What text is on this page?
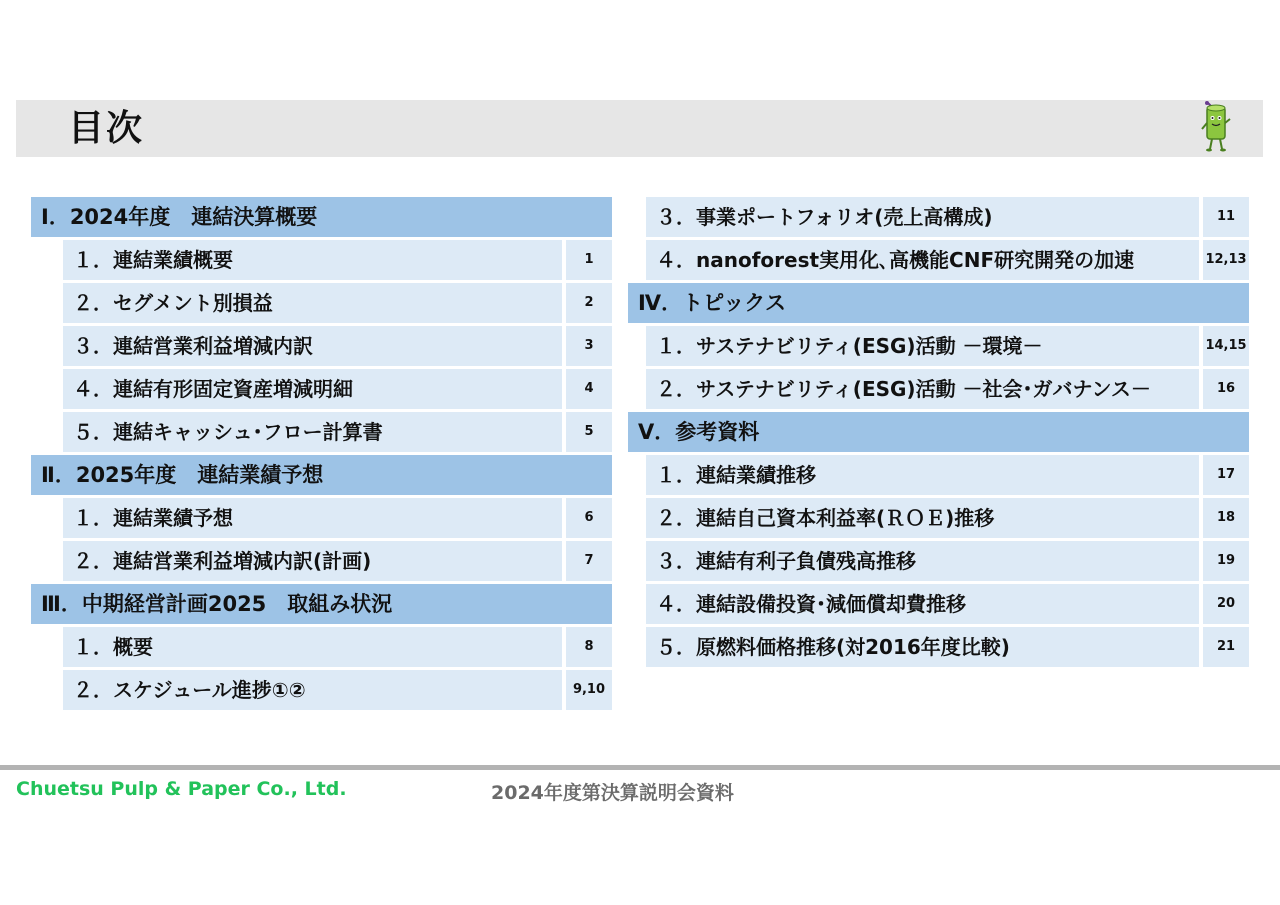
目次
Ⅰ．2024年度　連結決算概要
１．連結業績概要	1
２．セグメント別損益	2
３．連結営業利益増減内訳	3
４．連結有形固定資産増減明細	4
５．連結キャッシュ･フロー計算書	5
Ⅱ．2025年度　連結業績予想
１．連結業績予想	6
２．連結営業利益増減内訳(計画)	7
Ⅲ．中期経営計画2025　取組み状況
１．概要	8
２．スケジュール進捗①②	9,10
３．事業ポートフォリオ(売上高構成)	11
４．nanoforest実用化､高機能CNF研究開発の加速	12,13
Ⅳ．トピックス
１．サステナビリティ(ESG)活動 －環境－	14,15
２．サステナビリティ(ESG)活動 －社会･ガバナンス－	16
Ⅴ．参考資料
１．連結業績推移	17
２．連結自己資本利益率(ＲＯＥ)推移	18
３．連結有利子負債残高推移	19
４．連結設備投資･減価償却費推移	20
５．原燃料価格推移(対2016年度比較)	21
Chuetsu Pulp & Paper Co., Ltd.	2024年度第決算説明会資料
